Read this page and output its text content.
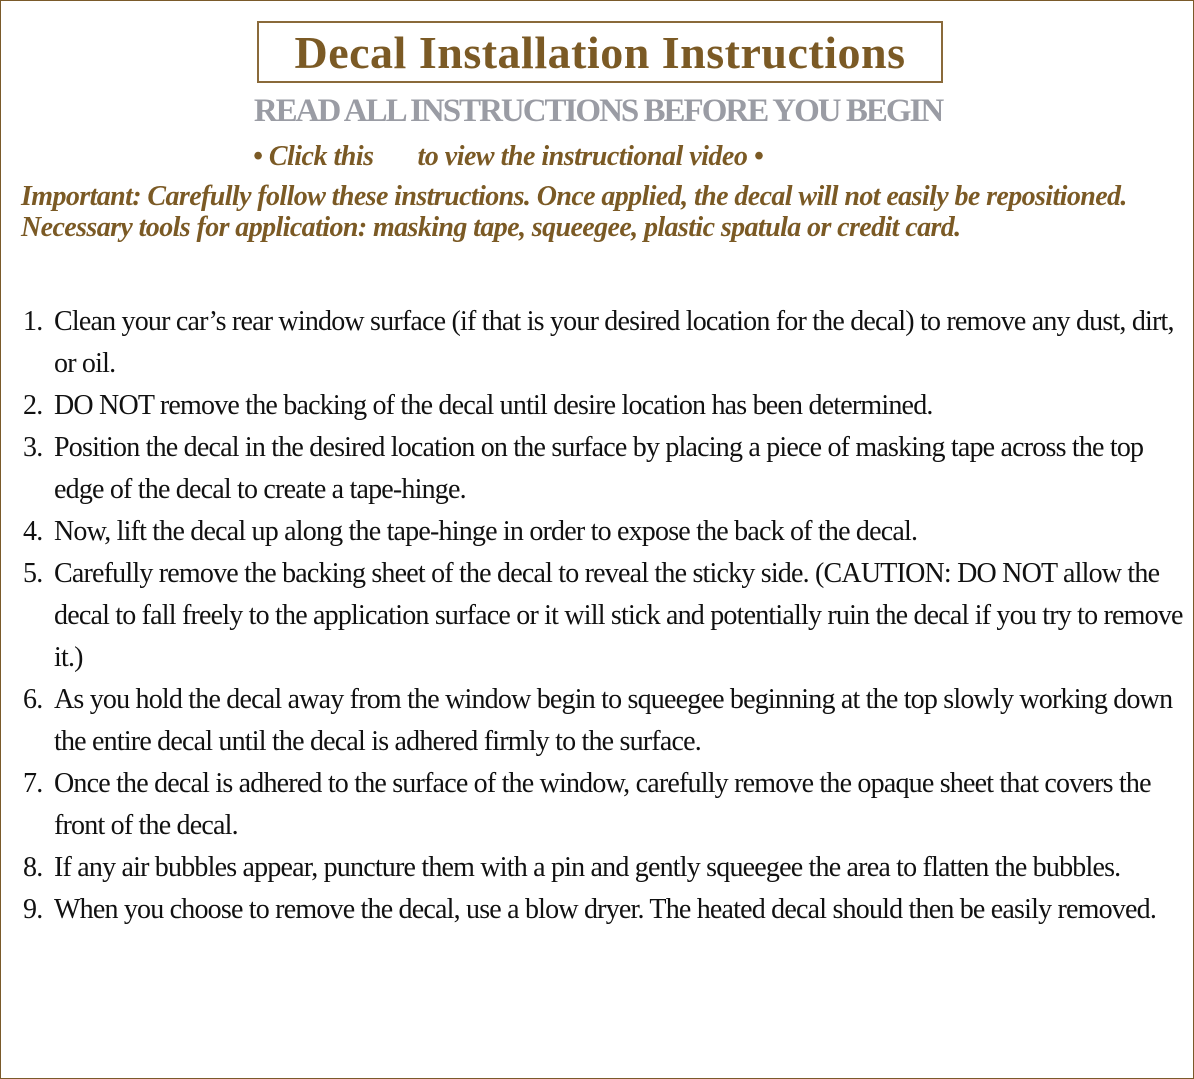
Decal Installation Instructions
READ ALL INSTRUCTIONS BEFORE YOU BEGIN
• Click this to view the instructional video •
Important: Carefully follow these instructions. Once applied, the decal will not easily be repositioned. Necessary tools for application: masking tape, squeegee, plastic spatula or credit card.
1. Clean your car’s rear window surface (if that is your desired location for the decal) to remove any dust, dirt, or oil.
2. DO NOT remove the backing of the decal until desire location has been determined.
3. Position the decal in the desired location on the surface by placing a piece of masking tape across the top edge of the decal to create a tape-hinge.
4. Now, lift the decal up along the tape-hinge in order to expose the back of the decal.
5. Carefully remove the backing sheet of the decal to reveal the sticky side. (CAUTION: DO NOT allow the decal to fall freely to the application surface or it will stick and potentially ruin the decal if you try to remove it.)
6. As you hold the decal away from the window begin to squeegee beginning at the top slowly working down the entire decal until the decal is adhered firmly to the surface.
7. Once the decal is adhered to the surface of the window, carefully remove the opaque sheet that covers the front of the decal.
8. If any air bubbles appear, puncture them with a pin and gently squeegee the area to flatten the bubbles.
9. When you choose to remove the decal, use a blow dryer. The heated decal should then be easily removed.
